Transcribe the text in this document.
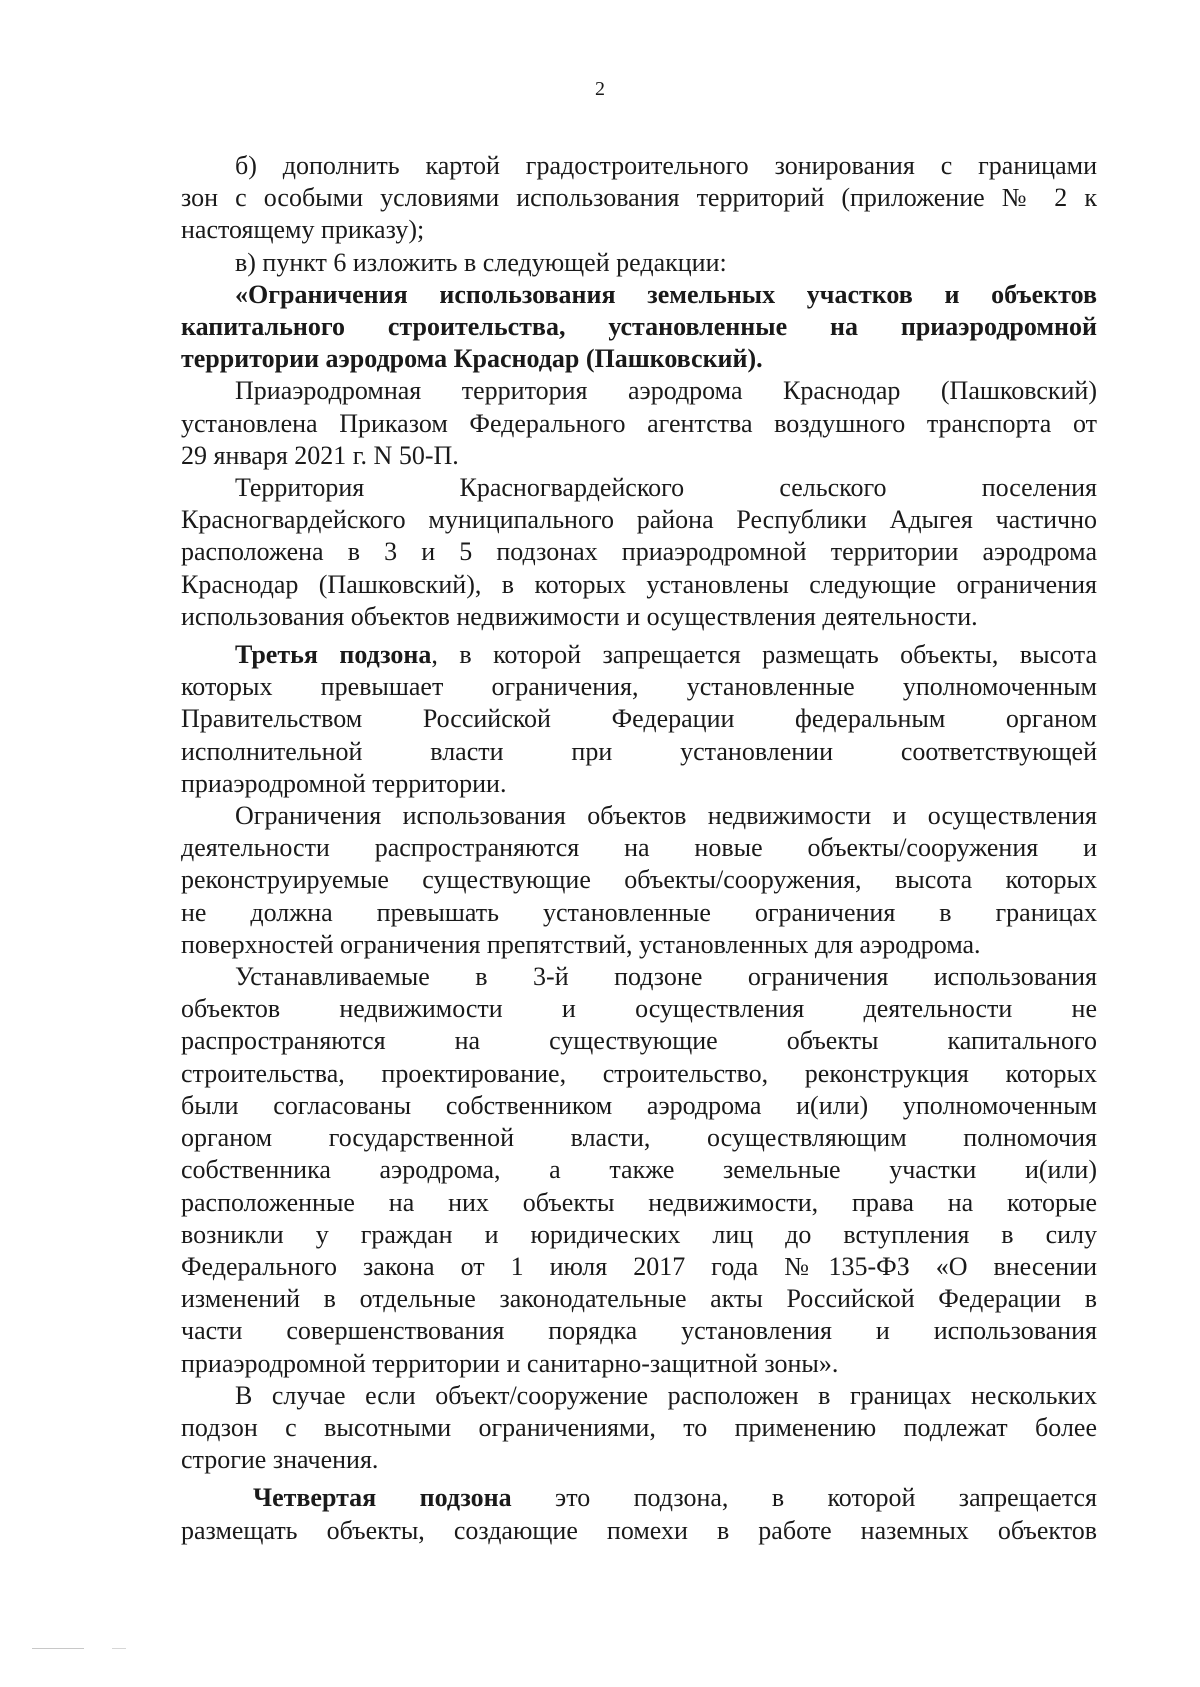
2

б) дополнить картой градостроительного зонирования с границами

зон с особыми условиями использования территорий (приложение № 2 к

настоящему приказу);

в) пункт 6 изложить в следующей редакции:

«Ограничения использования земельных участков и объектов

капитального строительства, установленные на приаэродромной

территории аэродрома Краснодар (Пашковский).

Приаэродромная территория аэродрома Краснодар (Пашковский)

установлена Приказом Федерального агентства воздушного транспорта от

29 января 2021 г. N 50-П.

Территория Красногвардейского сельского поселения

Красногвардейского муниципального района Республики Адыгея частично

расположена в 3 и 5 подзонах приаэродромной территории аэродрома

Краснодар (Пашковский), в которых установлены следующие ограничения

использования объектов недвижимости и осуществления деятельности.

Третья подзона, в которой запрещается размещать объекты, высота

которых превышает ограничения, установленные уполномоченным

Правительством Российской Федерации федеральным органом

исполнительной власти при установлении соответствующей

приаэродромной территории.

Ограничения использования объектов недвижимости и осуществления

деятельности распространяются на новые объекты/сооружения и

реконструируемые существующие объекты/сооружения, высота которых

не должна превышать установленные ограничения в границах

поверхностей ограничения препятствий, установленных для аэродрома.

Устанавливаемые в 3-й подзоне ограничения использования

объектов недвижимости и осуществления деятельности не

распространяются на существующие объекты капитального

строительства, проектирование, строительство, реконструкция которых

были согласованы собственником аэродрома и(или) уполномоченным

органом государственной власти, осуществляющим полномочия

собственника аэродрома, а также земельные участки и(или)

расположенные на них объекты недвижимости, права на которые

возникли у граждан и юридических лиц до вступления в силу

Федерального закона от 1 июля 2017 года №135-ФЗ «О внесении

изменений в отдельные законодательные акты Российской Федерации в

части совершенствования порядка установления и использования

приаэродромной территории и санитарно-защитной зоны».

В случае если объект/сооружение расположен в границах нескольких

подзон с высотными ограничениями, то применению подлежат более

строгие значения.

Четвертая подзона это подзона, в которой запрещается

размещать объекты, создающие помехи в работе наземных объектов
